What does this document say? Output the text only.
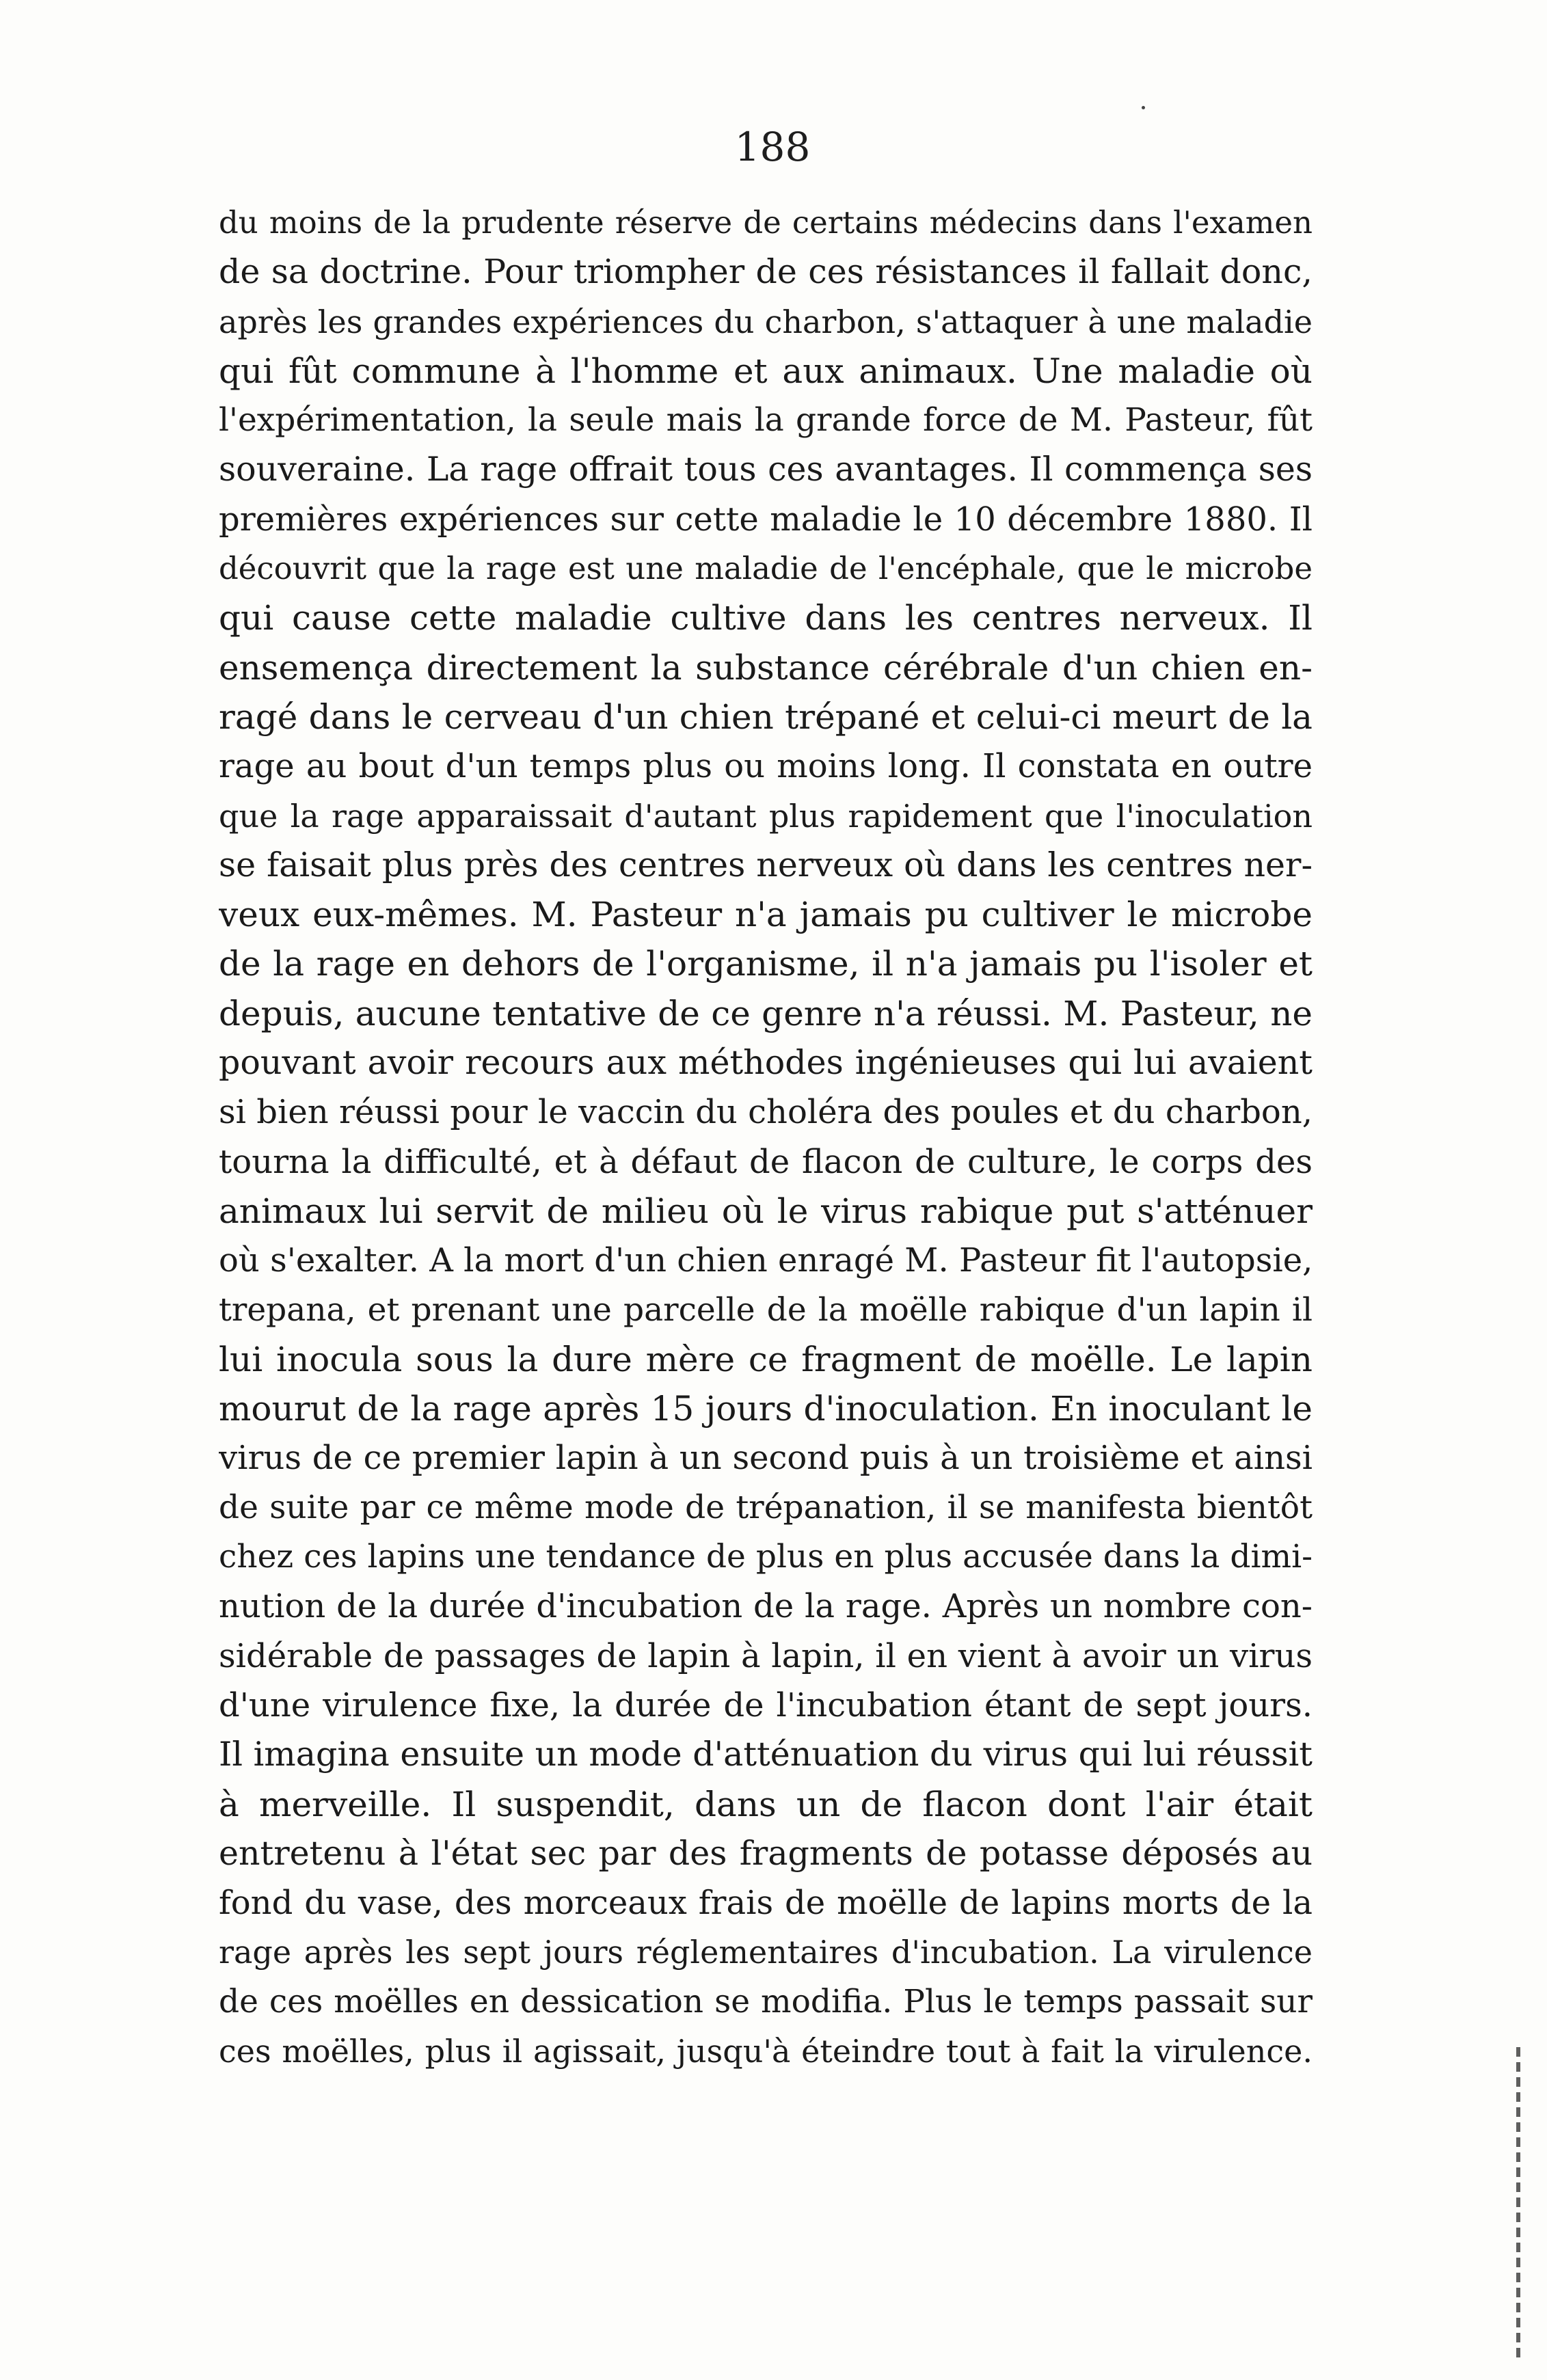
188
du moins de la prudente réserve de certains médecins dans l'examen
de sa doctrine. Pour triompher de ces résistances il fallait donc,
après les grandes expériences du charbon, s'attaquer à une maladie
qui fût commune à l'homme et aux animaux. Une maladie où
l'expérimentation, la seule mais la grande force de M. Pasteur, fût
souveraine. La rage offrait tous ces avantages. Il commença ses
premières expériences sur cette maladie le 10 décembre 1880. Il
découvrit que la rage est une maladie de l'encéphale, que le microbe
qui cause cette maladie cultive dans les centres nerveux. Il
ensemença directement la substance cérébrale d'un chien en-
ragé dans le cerveau d'un chien trépané et celui-ci meurt de la
rage au bout d'un temps plus ou moins long. Il constata en outre
que la rage apparaissait d'autant plus rapidement que l'inoculation
se faisait plus près des centres nerveux où dans les centres ner-
veux eux-mêmes. M. Pasteur n'a jamais pu cultiver le microbe
de la rage en dehors de l'organisme, il n'a jamais pu l'isoler et
depuis, aucune tentative de ce genre n'a réussi. M. Pasteur, ne
pouvant avoir recours aux méthodes ingénieuses qui lui avaient
si bien réussi pour le vaccin du choléra des poules et du charbon,
tourna la difficulté, et à défaut de flacon de culture, le corps des
animaux lui servit de milieu où le virus rabique put s'atténuer
où s'exalter. A la mort d'un chien enragé M. Pasteur fit l'autopsie,
trepana, et prenant une parcelle de la moëlle rabique d'un lapin il
lui inocula sous la dure mère ce fragment de moëlle. Le lapin
mourut de la rage après 15 jours d'inoculation. En inoculant le
virus de ce premier lapin à un second puis à un troisième et ainsi
de suite par ce même mode de trépanation, il se manifesta bientôt
chez ces lapins une tendance de plus en plus accusée dans la dimi-
nution de la durée d'incubation de la rage. Après un nombre con-
sidérable de passages de lapin à lapin, il en vient à avoir un virus
d'une virulence fixe, la durée de l'incubation étant de sept jours.
Il imagina ensuite un mode d'atténuation du virus qui lui réussit
à merveille. Il suspendit, dans un de flacon dont l'air était
entretenu à l'état sec par des fragments de potasse déposés au
fond du vase, des morceaux frais de moëlle de lapins morts de la
rage après les sept jours réglementaires d'incubation. La virulence
de ces moëlles en dessication se modifia. Plus le temps passait sur
ces moëlles, plus il agissait, jusqu'à éteindre tout à fait la virulence.
